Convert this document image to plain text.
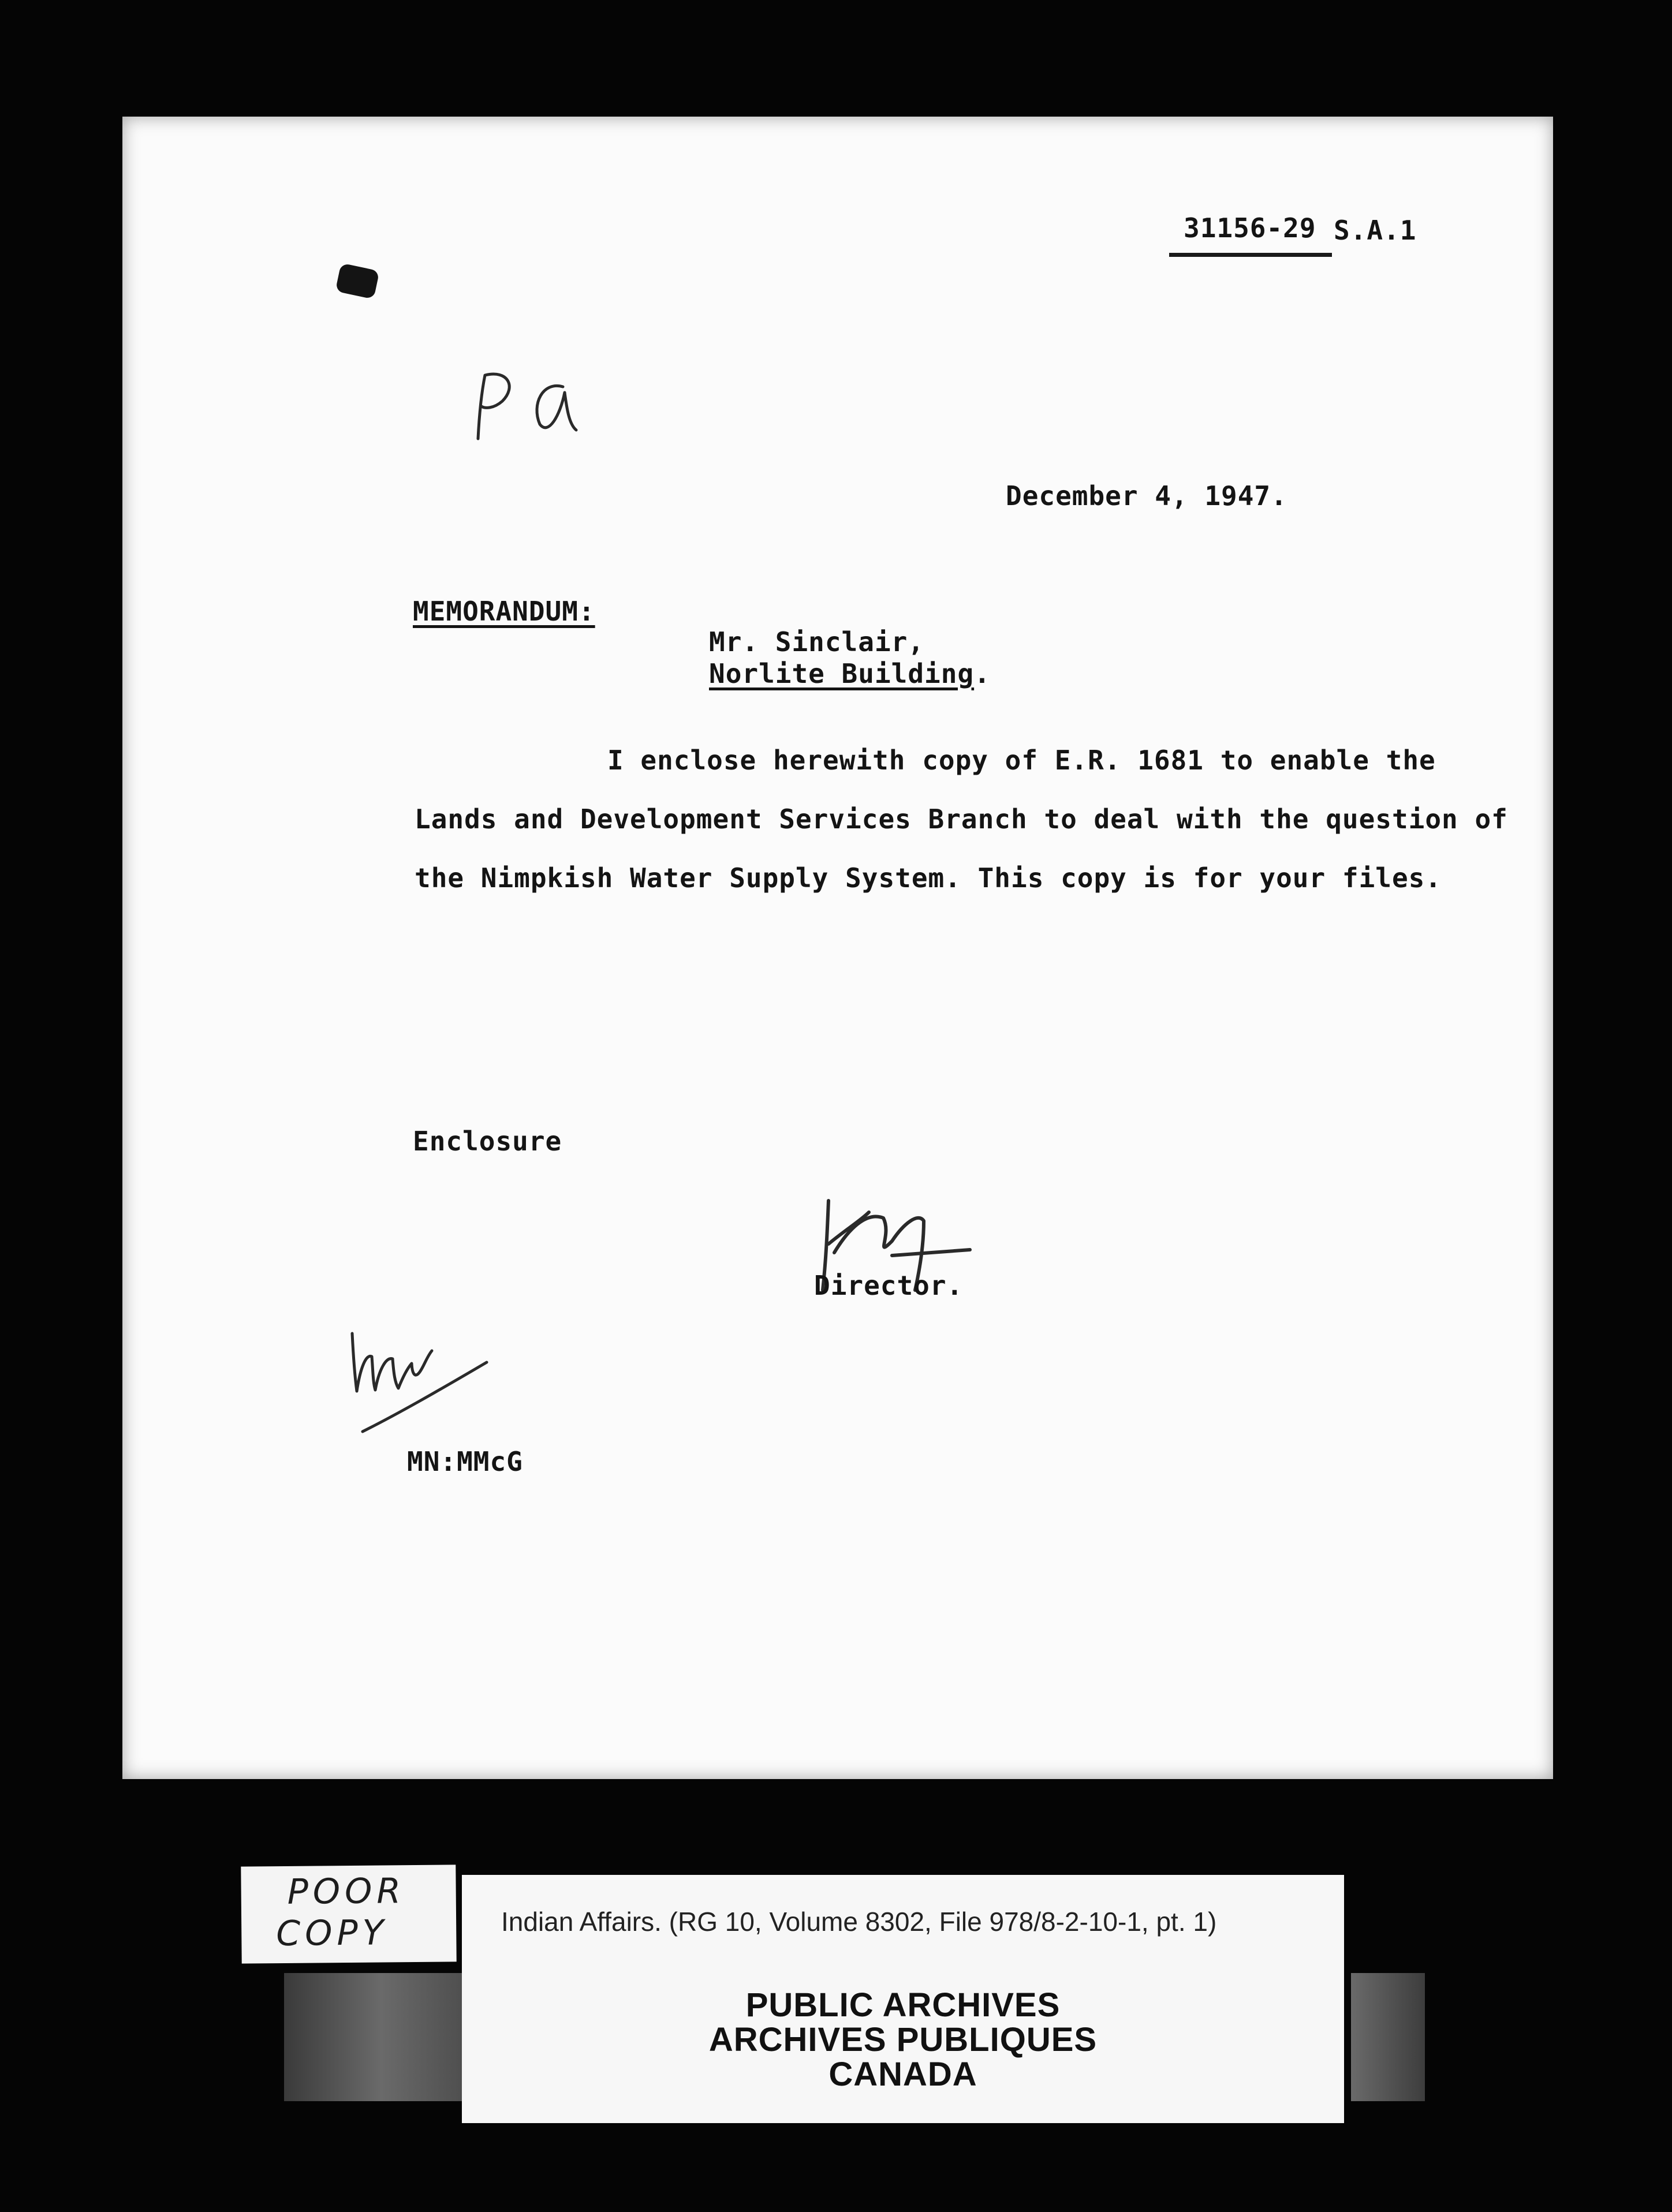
31156-29 S.A.1
December 4, 1947.
MEMORANDUM:
Mr. Sinclair,
Norlite Building.
I enclose herewith copy of E.R. 1681 to enable the
Lands and Development Services Branch to deal with the question of
the Nimpkish Water Supply System. This copy is for your files.
Enclosure
Director.
MN:MMcG
POOR
COPY	Indian Affairs. (RG 10, Volume 8302, File 978/8-2-10-1, pt. 1)
PUBLIC ARCHIVES
ARCHIVES PUBLIQUES
CANADA
